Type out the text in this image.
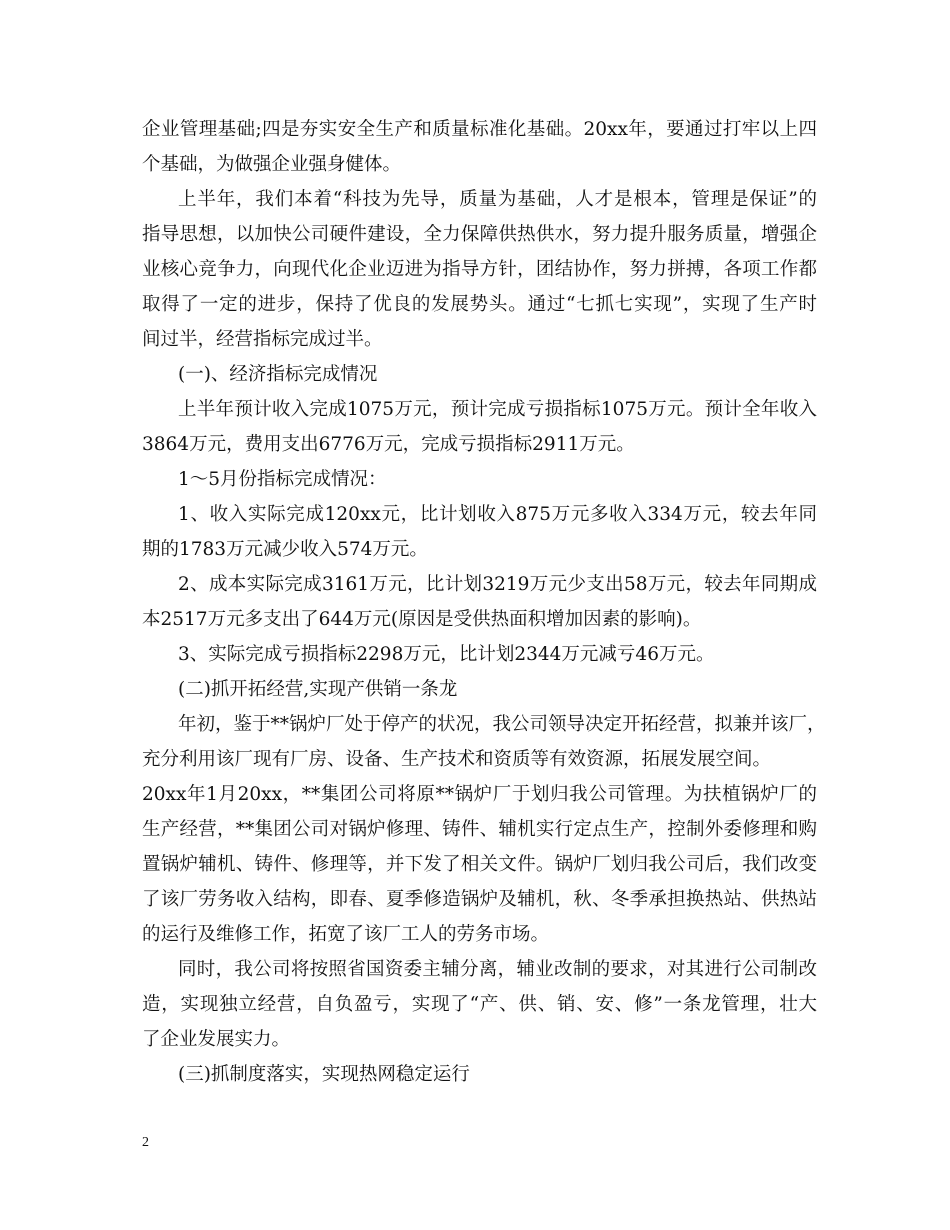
企业管理基础;四是夯实安全生产和质量标准化基础。20xx年，要通过打牢以上四
个基础，为做强企业强身健体。
上半年，我们本着“科技为先导，质量为基础，人才是根本，管理是保证”的
指导思想，以加快公司硬件建设，全力保障供热供水，努力提升服务质量，增强企
业核心竞争力，向现代化企业迈进为指导方针，团结协作，努力拼搏，各项工作都
取得了一定的进步，保持了优良的发展势头。通过“七抓七实现”，实现了生产时
间过半，经营指标完成过半。
(一)、经济指标完成情况
上半年预计收入完成1075万元，预计完成亏损指标1075万元。预计全年收入
3864万元，费用支出6776万元，完成亏损指标2911万元。
1～5月份指标完成情况：
1、收入实际完成120xx元，比计划收入875万元多收入334万元，较去年同
期的1783万元减少收入574万元。
2、成本实际完成3161万元，比计划3219万元少支出58万元，较去年同期成
本2517万元多支出了644万元(原因是受供热面积增加因素的影响)。
3、实际完成亏损指标2298万元，比计划2344万元减亏46万元。
(二)抓开拓经营,实现产供销一条龙
年初，鉴于**锅炉厂处于停产的状况，我公司领导决定开拓经营，拟兼并该厂，
充分利用该厂现有厂房、设备、生产技术和资质等有效资源，拓展发展空间。
20xx年1月20xx，**集团公司将原**锅炉厂于划归我公司管理。为扶植锅炉厂的
生产经营，**集团公司对锅炉修理、铸件、辅机实行定点生产，控制外委修理和购
置锅炉辅机、铸件、修理等，并下发了相关文件。锅炉厂划归我公司后，我们改变
了该厂劳务收入结构，即春、夏季修造锅炉及辅机，秋、冬季承担换热站、供热站
的运行及维修工作，拓宽了该厂工人的劳务市场。
同时，我公司将按照省国资委主辅分离，辅业改制的要求，对其进行公司制改
造，实现独立经营，自负盈亏，实现了“产、供、销、安、修”一条龙管理，壮大
了企业发展实力。
(三)抓制度落实，实现热网稳定运行
2
